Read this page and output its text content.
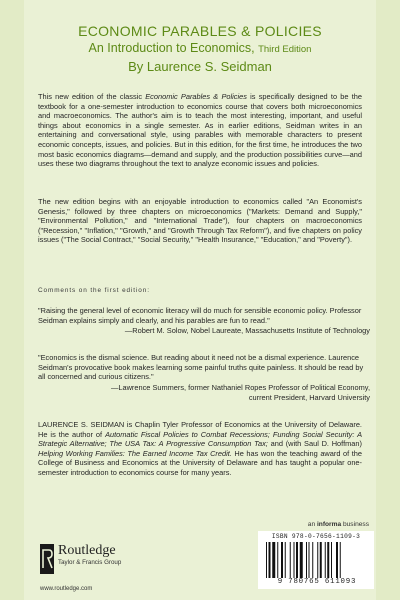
ECONOMIC PARABLES & POLICIES
An Introduction to Economics, Third Edition
By Laurence S. Seidman
This new edition of the classic Economic Parables & Policies is specifically designed to be the textbook for a one-semester introduction to economics course that covers both microeconomics and macroeconomics. The author's aim is to teach the most interesting, important, and useful things about economics in a single semester. As in earlier editions, Seidman writes in an entertaining and conversational style, using parables with memorable characters to present economic concepts, issues, and policies. But in this edition, for the first time, he introduces the two most basic economics diagrams—demand and supply, and the production possibilities curve—and uses these two diagrams throughout the text to analyze economic issues and policies.
The new edition begins with an enjoyable introduction to economics called "An Economist's Genesis," followed by three chapters on microeconomics ("Markets: Demand and Supply," "Environmental Pollution," and "International Trade"), four chapters on macroeconomics ("Recession," "Inflation," "Growth," and "Growth Through Tax Reform"), and five chapters on policy issues ("The Social Contract," "Social Security," "Health Insurance," "Education," and "Poverty").
Comments on the first edition:
"Raising the general level of economic literacy will do much for sensible economic policy. Professor Seidman explains simply and clearly, and his parables are fun to read."
—Robert M. Solow, Nobel Laureate, Massachusetts Institute of Technology
"Economics is the dismal science. But reading about it need not be a dismal experience. Laurence Seidman's provocative book makes learning some painful truths quite painless. It should be read by all concerned and curious citizens."
—Lawrence Summers, former Nathaniel Ropes Professor of Political Economy,
current President, Harvard University
LAURENCE S. SEIDMAN is Chaplin Tyler Professor of Economics at the University of Delaware. He is the author of Automatic Fiscal Policies to Combat Recessions; Funding Social Security: A Strategic Alternative; The USA Tax: A Progressive Consumption Tax; and (with Saul D. Hoffman) Helping Working Families: The Earned Income Tax Credit. He has won the teaching award of the College of Business and Economics at the University of Delaware and has taught a popular one-semester introduction to economics course for many years.
an informa business
Routledge
Taylor & Francis Group
www.routledge.com
ISBN 978-0-7656-1109-3
9 780765 611093
